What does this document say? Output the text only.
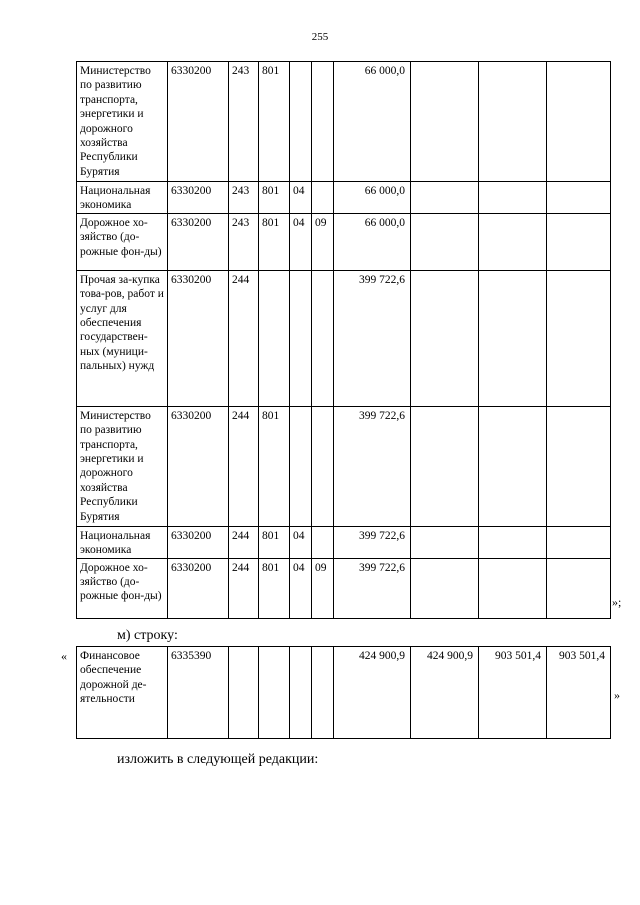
255
Министерство по развитию транспорта, энергетики и дорожного хозяйства Республики Бурятия	6330200	243	801			66 000,0			
Национальная экономика	6330200	243	801	04		66 000,0			
Дорожное хо-зяйство (до-рожные фон-ды)	6330200	243	801	04	09	66 000,0			
Прочая за-купка това-ров, работ и услуг для обеспечения государствен-ных (муници-пальных) нужд	6330200	244				399 722,6			
Министерство по развитию транспорта, энергетики и дорожного хозяйства Республики Бурятия	6330200	244	801			399 722,6			
Национальная экономика	6330200	244	801	04		399 722,6			
Дорожное хо-зяйство (до-рожные фон-ды)	6330200	244	801	04	09	399 722,6			
»;
м) строку:
« Финансовое обеспечение дорожной де-ятельности	6335390					424 900,9	424 900,9	903 501,4	903 501,4
»
изложить в следующей редакции:
